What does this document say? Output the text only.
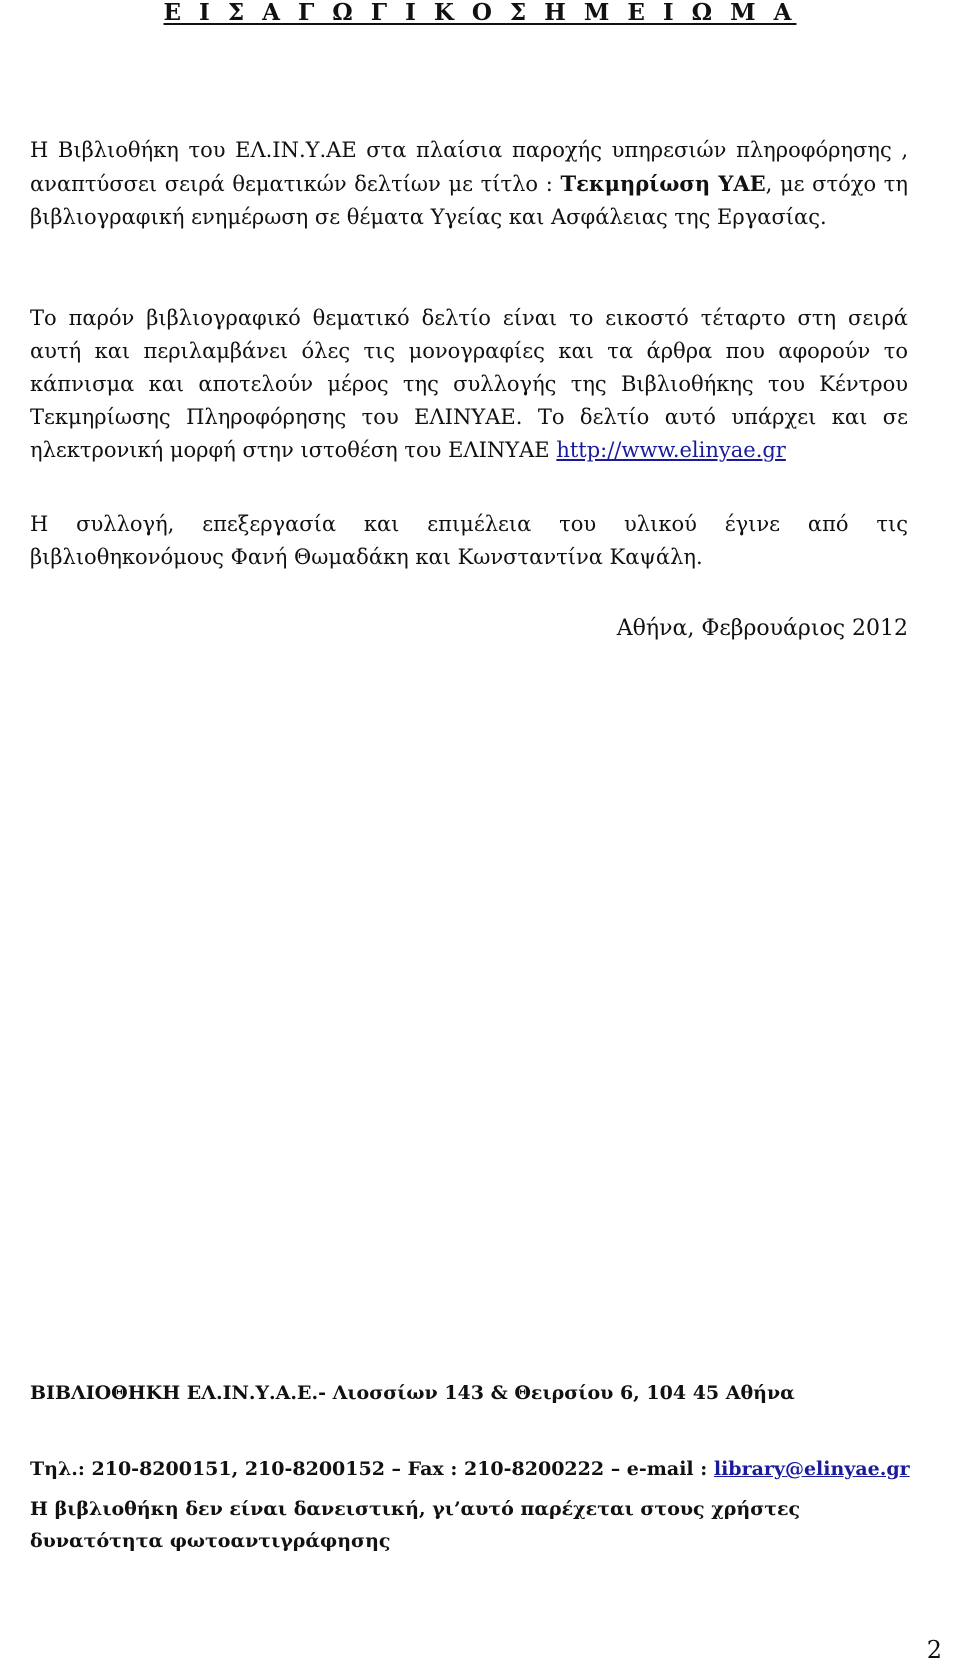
Ε Ι Σ Α Γ Ω Γ Ι Κ Ο Σ Η Μ Ε Ι Ω Μ Α

Η Βιβλιοθήκη του ΕΛ.ΙΝ.Υ.ΑΕ στα πλαίσια παροχής υπηρεσιών πληροφόρησης , αναπτύσσει σειρά θεματικών δελτίων με τίτλο : Τεκμηρίωση ΥΑΕ, με στόχο τη βιβλιογραφική ενημέρωση σε θέματα Υγείας και Ασφάλειας της Εργασίας.

Το παρόν βιβλιογραφικό θεματικό δελτίο είναι το εικοστό τέταρτο στη σειρά αυτή και περιλαμβάνει όλες τις μονογραφίες και τα άρθρα που αφορούν το κάπνισμα και αποτελούν μέρος της συλλογής της Βιβλιοθήκης του Κέντρου Τεκμηρίωσης Πληροφόρησης του ΕΛΙΝΥΑΕ. Το δελτίο αυτό υπάρχει και σε ηλεκτρονική μορφή στην ιστοθέση του ΕΛΙΝΥΑΕ http://www.elinyae.gr

Η συλλογή, επεξεργασία και επιμέλεια του υλικού έγινε από τις βιβλιοθηκονόμους Φανή Θωμαδάκη και Κωνσταντίνα Καψάλη.

Αθήνα, Φεβρουάριος 2012

ΒΙΒΛΙΟΘΗΚΗ ΕΛ.ΙΝ.Υ.Α.Ε.- Λιοσσίων 143 & Θειρσίου 6, 104 45 Αθήνα

Τηλ.: 210-8200151, 210-8200152 – Fax : 210-8200222 – e-mail : library@elinyae.gr

Η βιβλιοθήκη δεν είναι δανειστική, γι’αυτό παρέχεται στους χρήστες δυνατότητα φωτοαντιγράφησης

2
